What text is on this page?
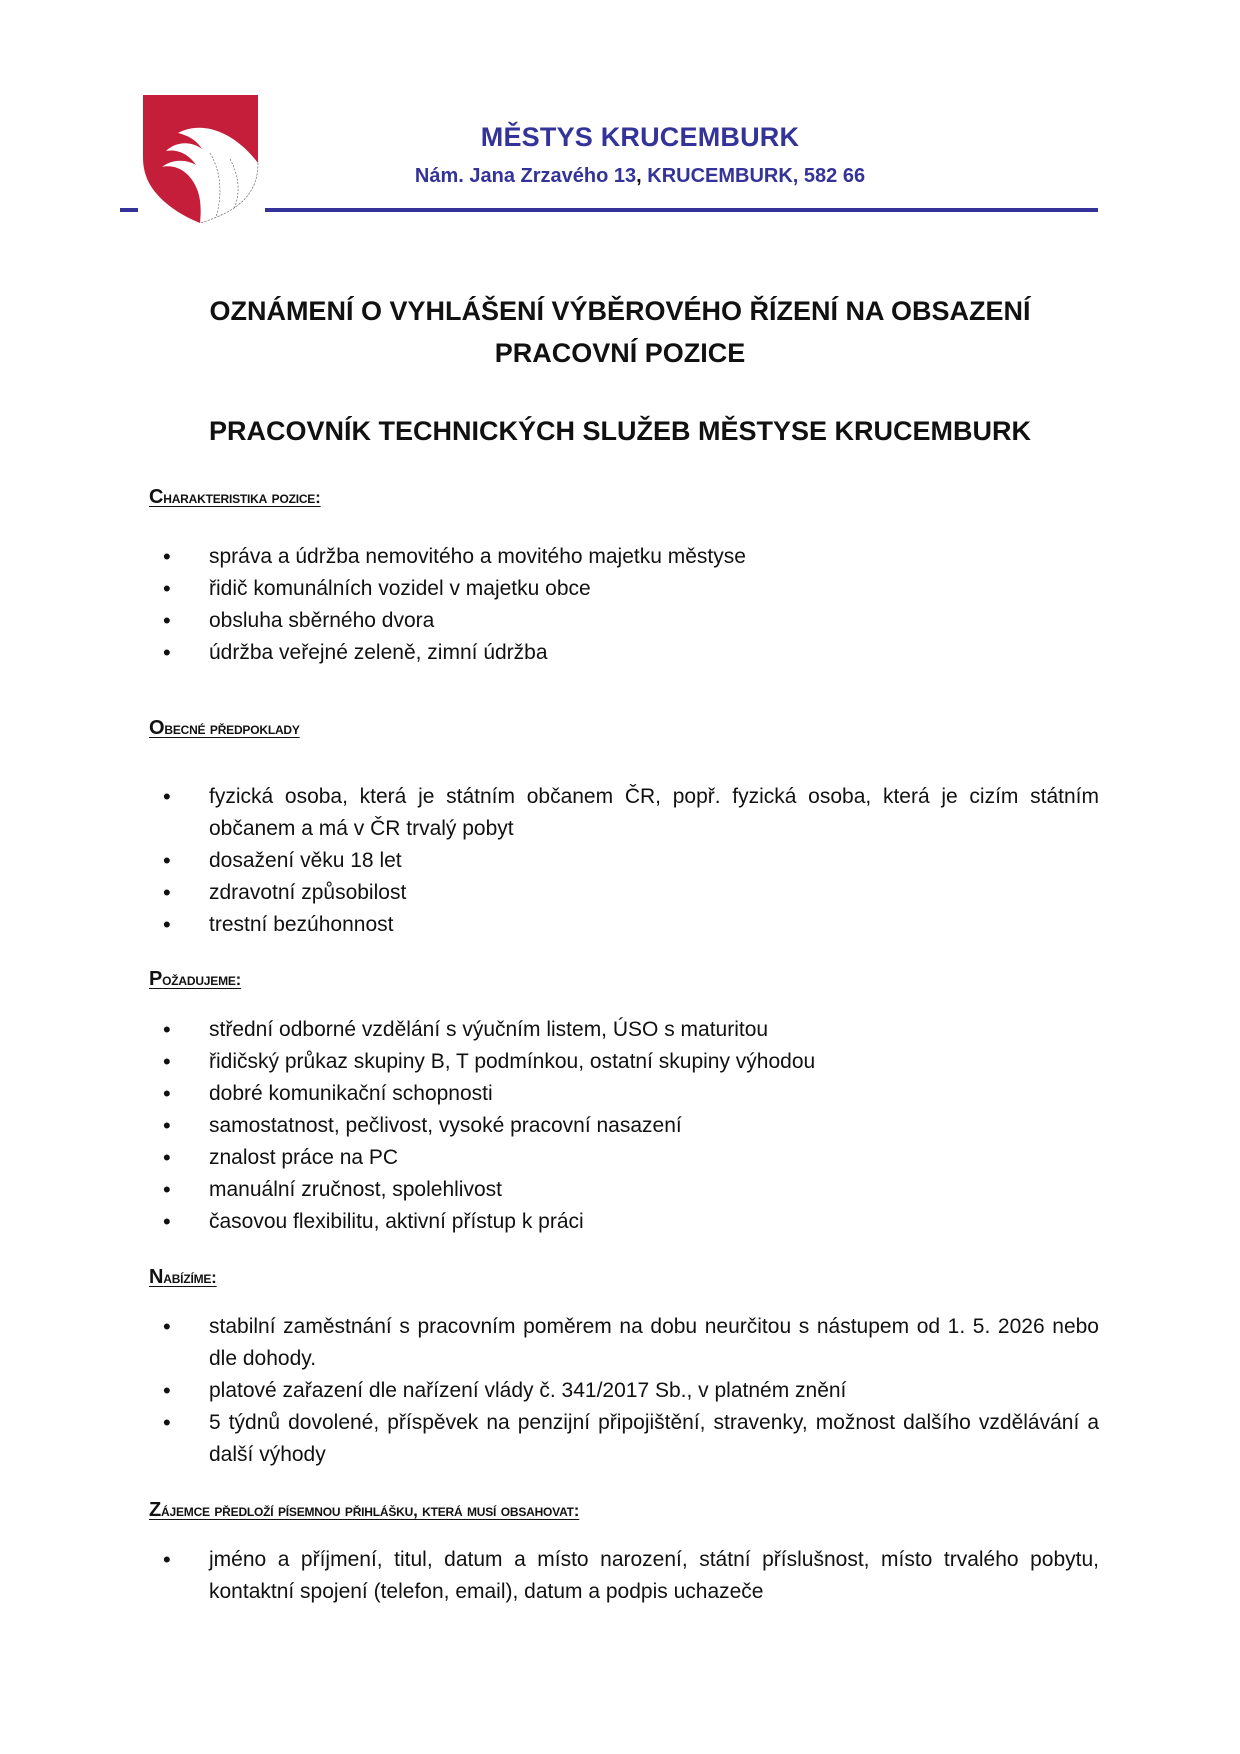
MĚSTYS KRUCEMBURK
Nám. Jana Zrzavého 13, KRUCEMBURK, 582 66
OZNÁMENÍ O VYHLÁŠENÍ VÝBĚROVÉHO ŘÍZENÍ NA OBSAZENÍ
PRACOVNÍ POZICE
PRACOVNÍK TECHNICKÝCH SLUŽEB MĚSTYSE KRUCEMBURK
Charakteristika pozice:
• správa a údržba nemovitého a movitého majetku městyse
• řidič komunálních vozidel v majetku obce
• obsluha sběrného dvora
• údržba veřejné zeleně, zimní údržba
Obecné předpoklady
• fyzická osoba, která je státním občanem ČR, popř. fyzická osoba, která je cizím státním občanem a má v ČR trvalý pobyt
• dosažení věku 18 let
• zdravotní způsobilost
• trestní bezúhonnost
Požadujeme:
• střední odborné vzdělání s výučním listem, ÚSO s maturitou
• řidičský průkaz skupiny B, T podmínkou, ostatní skupiny výhodou
• dobré komunikační schopnosti
• samostatnost, pečlivost, vysoké pracovní nasazení
• znalost práce na PC
• manuální zručnost, spolehlivost
• časovou flexibilitu, aktivní přístup k práci
Nabízíme:
• stabilní zaměstnání s pracovním poměrem na dobu neurčitou s nástupem od 1. 5. 2026 nebo dle dohody.
• platové zařazení dle nařízení vlády č. 341/2017 Sb., v platném znění
• 5 týdnů dovolené, příspěvek na penzijní připojištění, stravenky, možnost dalšího vzdělávání a další výhody
Zájemce předloží písemnou přihlášku, která musí obsahovat:
• jméno a příjmení, titul, datum a místo narození, státní příslušnost, místo trvalého pobytu, kontaktní spojení (telefon, email), datum a podpis uchazeče
